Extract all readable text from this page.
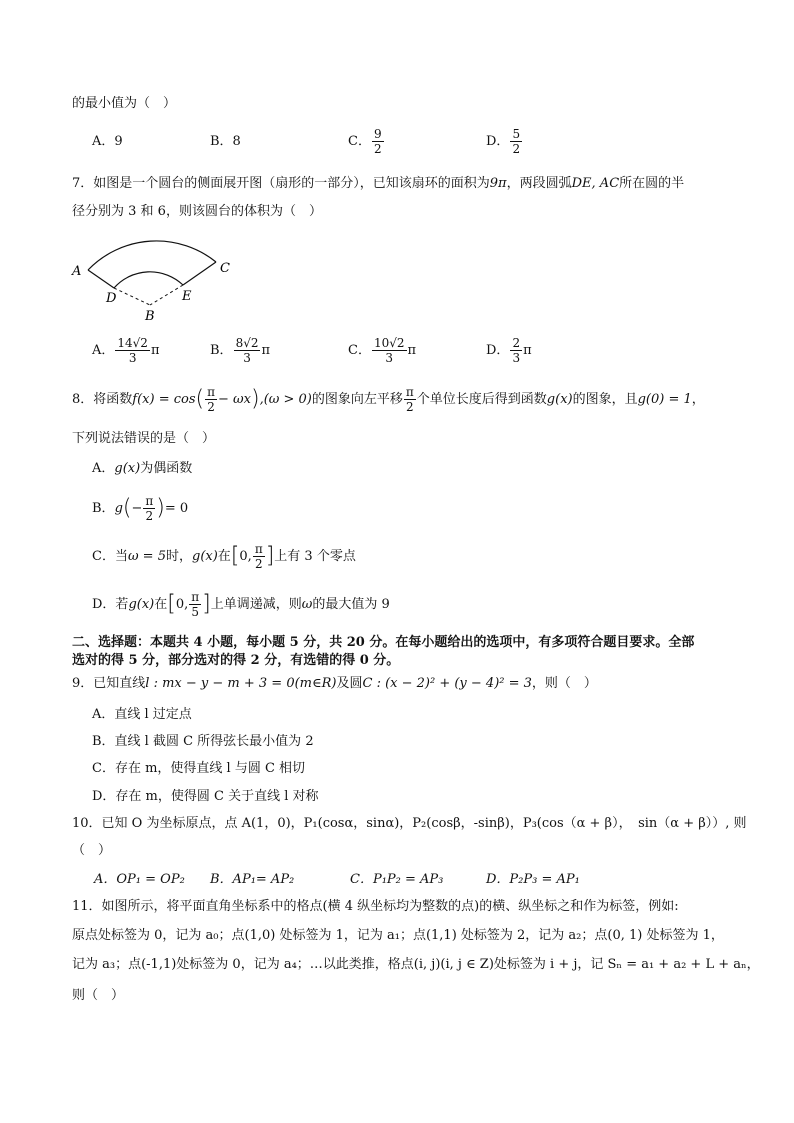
的最小值为（　）
A．9	B．8	C． $\frac{9}{2}$	D． $\frac{5}{2}$
7．如图是一个圆台的侧面展开图（扇形的一部分），已知该扇环的面积为9π，两段圆弧DE, AC所在圆的半
径分别为 3 和 6，则该圆台的体积为（　）
A	C
D	E
B
A． $\frac{14√2}{3}$ π	B． $\frac{8√2}{3}$ π	C． $\frac{10√2}{3}$ π	D． $\frac{2}{3}$ π
8．将函数$f(x) = \cos( \frac{\pi}{2} - \omega x),(\omega > 0)$的图象向左平移 $\frac{\pi}{2}$ 个单位长度后得到函数g(x)的图象，且g(0) = 1，
下列说法错误的是（　）
A．g(x)为偶函数
B．$g(- \frac{\pi}{2}$ )= 0
C．当ω = 5时，g(x)在[0, $\frac{\pi}{2}$ ]上有 3 个零点
D．若g(x)在[0, $\frac{\pi}{5}$ ]上单调递减，则ω的最大值为 9
二、选择题：本题共 4 小题，每小题 5 分，共 20 分。在每小题给出的选项中，有多项符合题目要求。全部
选对的得 5 分，部分选对的得 2 分，有选错的得 0 分。
9．已知直线l : mx − y − m + 3 = 0(m∈R)及圆C : (x − 2)² + (y − 4)² = 3，则（　）
A．直线 l 过定点
B．直线 l 截圆 C 所得弦长最小值为 2
C．存在 m，使得直线 l 与圆 C 相切
D．存在 m，使得圆 C 关于直线 l 对称
10．已知 O 为坐标原点，点 A(1，0)，P₁(cosα，sinα)，P₂(cosβ，-sinβ)，P₃(cos（α + β），　sin（α + β））, 则
（　）
A．OP₁ = OP₂ B．AP₁= AP₂	C．P₁P₂ = AP₃	D．P₂P₃ = AP₁
11．如图所示，将平面直角坐标系中的格点(横 4 纵坐标均为整数的点)的横、纵坐标之和作为标签，例如:
原点处标签为 0，记为 a₀；点(1,0) 处标签为 1，记为 a₁；点(1,1) 处标签为 2，记为 a₂；点(0, 1) 处标签为 1，
记为 a₃；点(-1,1)处标签为 0，记为 a₄；…以此类推，格点(i, j)(i, j ∈ Z)处标签为 i + j，记 Sₙ = a₁ + a₂ + L + aₙ，
则（　）
